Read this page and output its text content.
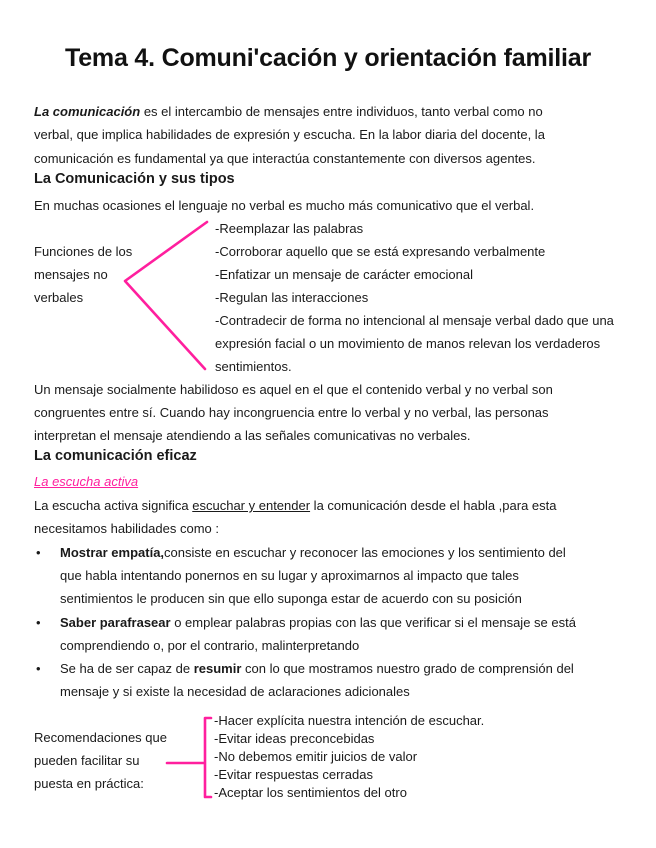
Tema 4. Comuni'cación y orientación familiar
La comunicación es el intercambio de mensajes entre individuos, tanto verbal como no
verbal, que implica habilidades de expresión y escucha. En la labor diaria del docente, la
comunicación es fundamental ya que interactúa constantemente con diversos agentes.
La Comunicación y sus tipos
En muchas ocasiones el lenguaje no verbal es mucho más comunicativo que el verbal.
Funciones de los
mensajes no
verbales
-Reemplazar las palabras
-Corroborar aquello que se está expresando verbalmente
-Enfatizar un mensaje de carácter emocional
-Regulan las interacciones
-Contradecir de forma no intencional al mensaje verbal dado que una
expresión facial o un movimiento de manos relevan los verdaderos
sentimientos.
Un mensaje socialmente habilidoso es aquel en el que el contenido verbal y no verbal son
congruentes entre sí. Cuando hay incongruencia entre lo verbal y no verbal, las personas
interpretan el mensaje atendiendo a las señales comunicativas no verbales.
La comunicación eficaz
La escucha activa
La escucha activa significa escuchar y entender la comunicación desde el habla ,para esta
necesitamos habilidades como :
• Mostrar empatía,consiste en escuchar y reconocer las emociones y los sentimiento del
que habla intentando ponernos en su lugar y aproximarnos al impacto que tales
sentimientos le producen sin que ello suponga estar de acuerdo con su posición
• Saber parafrasear o emplear palabras propias con las que verificar si el mensaje se está
comprendiendo o, por el contrario, malinterpretando
• Se ha de ser capaz de resumir con lo que mostramos nuestro grado de comprensión del
mensaje y si existe la necesidad de aclaraciones adicionales
Recomendaciones que
pueden facilitar su
puesta en práctica:
-Hacer explícita nuestra intención de escuchar.
-Evitar ideas preconcebidas
-No debemos emitir juicios de valor
-Evitar respuestas cerradas
-Aceptar los sentimientos del otro
